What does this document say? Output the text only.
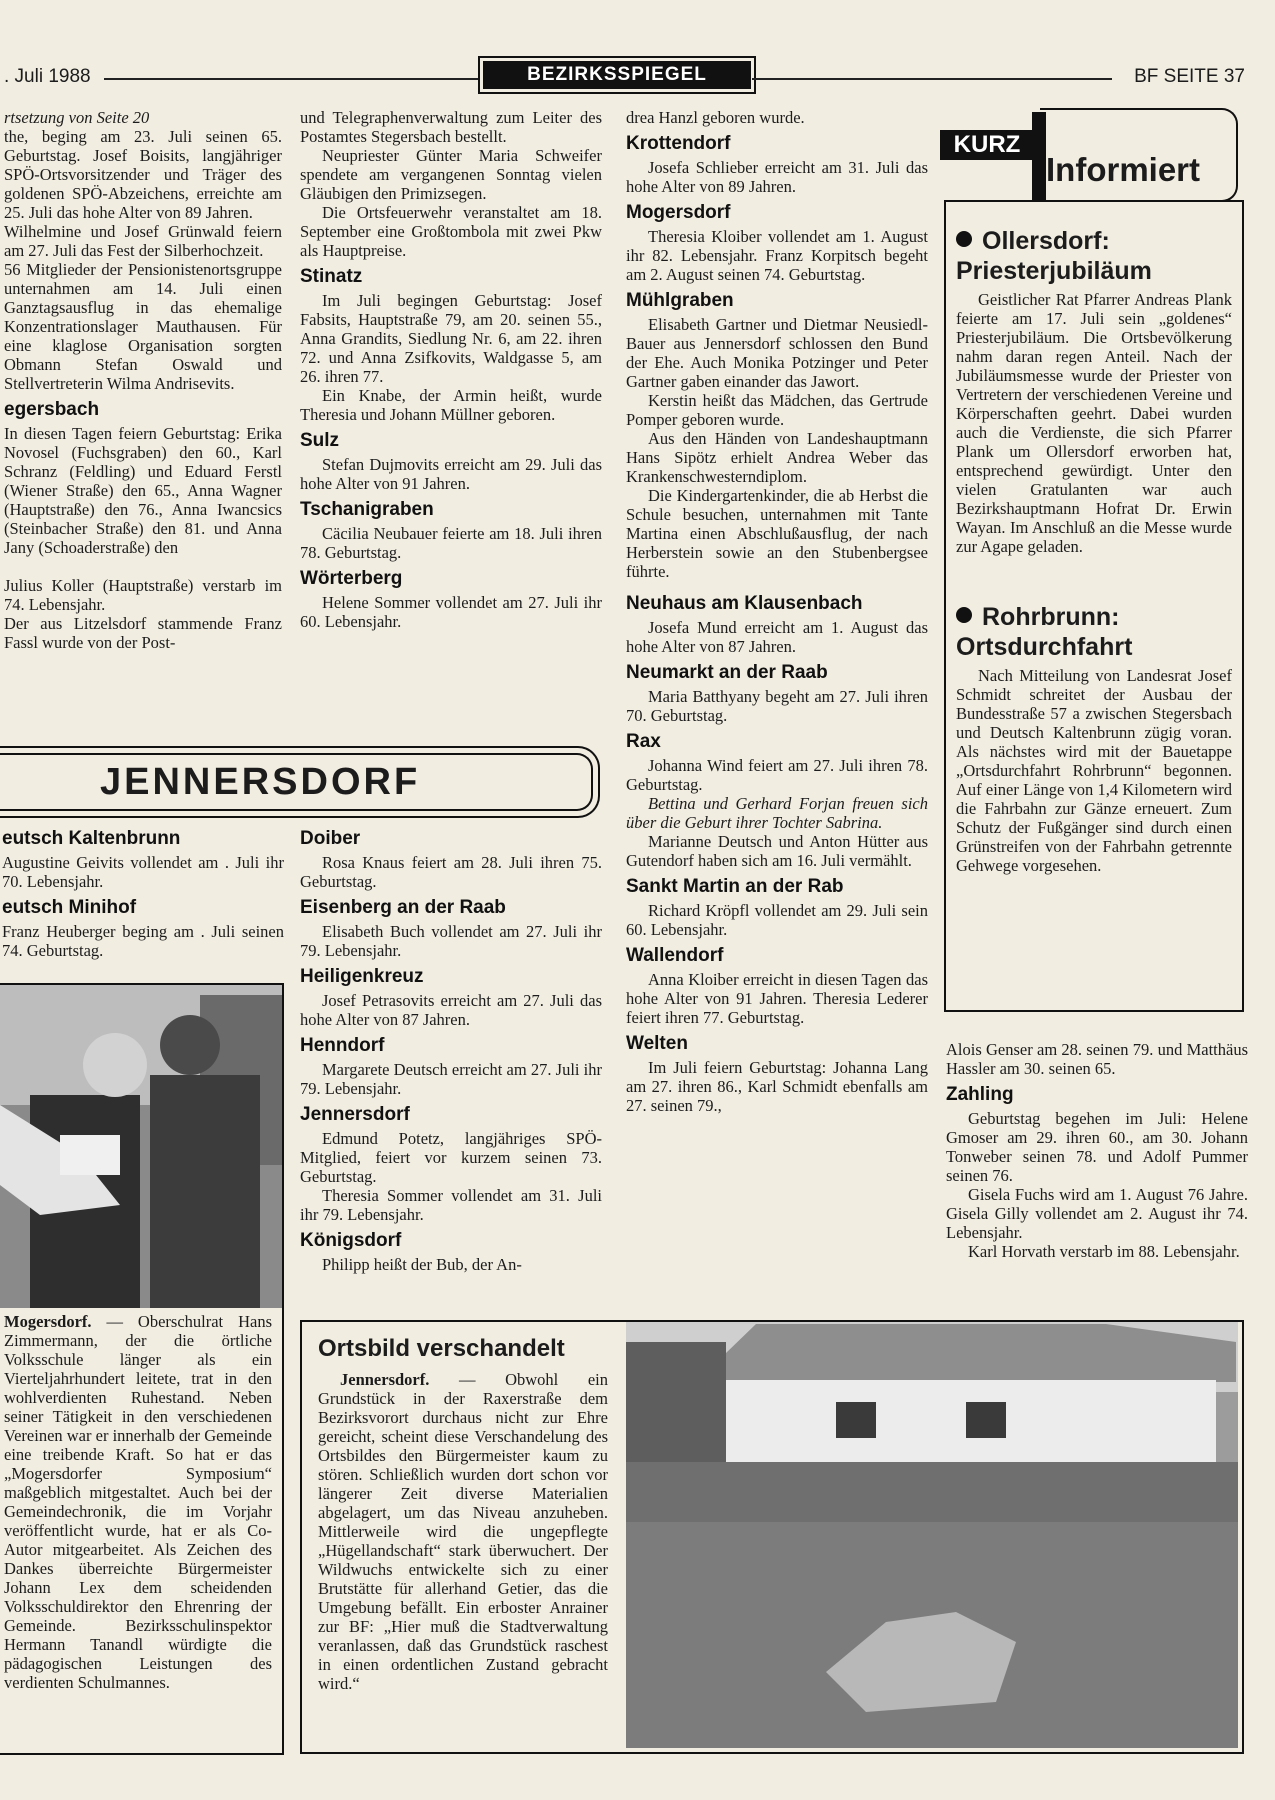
. Juli 1988	BEZIRKSSPIEGEL	BF SEITE 37

rtsetzung von Seite 20

the, beging am 23. Juli seinen 65. Geburtstag. Josef Boisits, langjähriger SPÖ-Ortsvorsitzender und Träger des goldenen SPÖ-Abzeichens, erreichte am 25. Juli das hohe Alter von 89 Jahren.

Wilhelmine und Josef Grünwald feiern am 27. Juli das Fest der Silberhochzeit.

56 Mitglieder der Pensionistenortsgruppe unternahmen am 14. Juli einen Ganztagsausflug in das ehemalige Konzentrationslager Mauthausen. Für eine klaglose Organisation sorgten Obmann Stefan Oswald und Stellvertreterin Wilma Andrisevits.

egersbach

In diesen Tagen feiern Geburtstag: Erika Novosel (Fuchsgraben) den 60., Karl Schranz (Feldling) und Eduard Ferstl (Wiener Straße) den 65., Anna Wagner (Hauptstraße) den 76., Anna Iwancsics (Steinbacher Straße) den 81. und Anna Jany (Schoaderstraße) den

Julius Koller (Hauptstraße) verstarb im 74. Lebensjahr.

Der aus Litzelsdorf stammende Franz Fassl wurde von der Post-

und Telegraphenverwaltung zum Leiter des Postamtes Stegersbach bestellt.

Neupriester Günter Maria Schweifer spendete am vergangenen Sonntag vielen Gläubigen den Primizsegen.

Die Ortsfeuerwehr veranstaltet am 18. September eine Großtombola mit zwei Pkw als Hauptpreise.

Stinatz

Im Juli begingen Geburtstag: Josef Fabsits, Hauptstraße 79, am 20. seinen 55., Anna Grandits, Siedlung Nr. 6, am 22. ihren 72. und Anna Zsifkovits, Waldgasse 5, am 26. ihren 77.

Ein Knabe, der Armin heißt, wurde Theresia und Johann Müllner geboren.

Sulz

Stefan Dujmovits erreicht am 29. Juli das hohe Alter von 91 Jahren.

Tschanigraben

Cäcilia Neubauer feierte am 18. Juli ihren 78. Geburtstag.

Wörterberg

Helene Sommer vollendet am 27. Juli ihr 60. Lebensjahr.

drea Hanzl geboren wurde.

Krottendorf

Josefa Schlieber erreicht am 31. Juli das hohe Alter von 89 Jahren.

Mogersdorf

Theresia Kloiber vollendet am 1. August ihr 82. Lebensjahr. Franz Korpitsch begeht am 2. August seinen 74. Geburtstag.

Mühlgraben

Elisabeth Gartner und Dietmar Neusiedl-Bauer aus Jennersdorf schlossen den Bund der Ehe. Auch Monika Potzinger und Peter Gartner gaben einander das Jawort.

Kerstin heißt das Mädchen, das Gertrude Pomper geboren wurde.

Aus den Händen von Landeshauptmann Hans Sipötz erhielt Andrea Weber das Krankenschwesterndiplom.

Die Kindergartenkinder, die ab Herbst die Schule besuchen, unternahmen mit Tante Martina einen Abschlußausflug, der nach Herberstein sowie an den Stubenbergsee führte.

Neuhaus am Klausenbach

Josefa Mund erreicht am 1. August das hohe Alter von 87 Jahren.

Neumarkt an der Raab

Maria Batthyany begeht am 27. Juli ihren 70. Geburtstag.

Rax

Johanna Wind feiert am 27. Juli ihren 78. Geburtstag.

Bettina und Gerhard Forjan freuen sich über die Geburt ihrer Tochter Sabrina.

Marianne Deutsch und Anton Hütter aus Gutendorf haben sich am 16. Juli vermählt.

Sankt Martin an der Rab

Richard Kröpfl vollendet am 29. Juli sein 60. Lebensjahr.

Wallendorf

Anna Kloiber erreicht in diesen Tagen das hohe Alter von 91 Jahren. Theresia Lederer feiert ihren 77. Geburtstag.

Welten

Im Juli feiern Geburtstag: Johanna Lang am 27. ihren 86., Karl Schmidt ebenfalls am 27. seinen 79.,

KURZ
Informiert
Ollersdorf: Priesterjubiläum

Geistlicher Rat Pfarrer Andreas Plank feierte am 17. Juli sein „goldenes“ Priesterjubiläum. Die Ortsbevölkerung nahm daran regen Anteil. Nach der Jubiläumsmesse wurde der Priester von Vertretern der verschiedenen Vereine und Körperschaften geehrt. Dabei wurden auch die Verdienste, die sich Pfarrer Plank um Ollersdorf erworben hat, entsprechend gewürdigt. Unter den vielen Gratulanten war auch Bezirkshauptmann Hofrat Dr. Erwin Wayan. Im Anschluß an die Messe wurde zur Agape geladen.

Rohrbrunn: Ortsdurchfahrt

Nach Mitteilung von Landesrat Josef Schmidt schreitet der Ausbau der Bundesstraße 57 a zwischen Stegersbach und Deutsch Kaltenbrunn zügig voran. Als nächstes wird mit der Bauetappe „Ortsdurchfahrt Rohrbrunn“ begonnen. Auf einer Länge von 1,4 Kilometern wird die Fahrbahn zur Gänze erneuert. Zum Schutz der Fußgänger sind durch einen Grünstreifen von der Fahrbahn getrennte Gehwege vorgesehen.

Alois Genser am 28. seinen 79. und Matthäus Hassler am 30. seinen 65.

Zahling

Geburtstag begehen im Juli: Helene Gmoser am 29. ihren 60., am 30. Johann Tonweber seinen 78. und Adolf Pummer seinen 76.

Gisela Fuchs wird am 1. August 76 Jahre. Gisela Gilly vollendet am 2. August ihr 74. Lebensjahr.

Karl Horvath verstarb im 88. Lebensjahr.

JENNERSDORF
eutsch Kaltenbrunn

Augustine Geivits vollendet am . Juli ihr 70. Lebensjahr.

eutsch Minihof

Franz Heuberger beging am . Juli seinen 74. Geburtstag.

Mogersdorf. — Oberschulrat Hans Zimmermann, der die örtliche Volksschule länger als ein Vierteljahrhundert leitete, trat in den wohlverdienten Ruhestand. Neben seiner Tätigkeit in den verschiedenen Vereinen war er innerhalb der Gemeinde eine treibende Kraft. So hat er das „Mogersdorfer Symposium“ maßgeblich mitgestaltet. Auch bei der Gemeindechronik, die im Vorjahr veröffentlicht wurde, hat er als Co-Autor mitgearbeitet. Als Zeichen des Dankes überreichte Bürgermeister Johann Lex dem scheidenden Volksschuldirektor den Ehrenring der Gemeinde. Bezirksschulinspektor Hermann Tanandl würdigte die pädagogischen Leistungen des verdienten Schulmannes.

Doiber

Rosa Knaus feiert am 28. Juli ihren 75. Geburtstag.

Eisenberg an der Raab

Elisabeth Buch vollendet am 27. Juli ihr 79. Lebensjahr.

Heiligenkreuz

Josef Petrasovits erreicht am 27. Juli das hohe Alter von 87 Jahren.

Henndorf

Margarete Deutsch erreicht am 27. Juli ihr 79. Lebensjahr.

Jennersdorf

Edmund Potetz, langjähriges SPÖ-Mitglied, feiert vor kurzem seinen 73. Geburtstag.

Theresia Sommer vollendet am 31. Juli ihr 79. Lebensjahr.

Königsdorf

Philipp heißt der Bub, der An-

Ortsbild verschandelt

Jennersdorf. — Obwohl ein Grundstück in der Raxerstraße dem Bezirksvorort durchaus nicht zur Ehre gereicht, scheint diese Verschandelung des Ortsbildes den Bürgermeister kaum zu stören. Schließlich wurden dort schon vor längerer Zeit diverse Materialien abgelagert, um das Niveau anzuheben. Mittlerweile wird die ungepflegte „Hügellandschaft“ stark überwuchert. Der Wildwuchs entwickelte sich zu einer Brutstätte für allerhand Getier, das die Umgebung befällt. Ein erboster Anrainer zur BF: „Hier muß die Stadtverwaltung veranlassen, daß das Grundstück raschest in einen ordentlichen Zustand gebracht wird.“
